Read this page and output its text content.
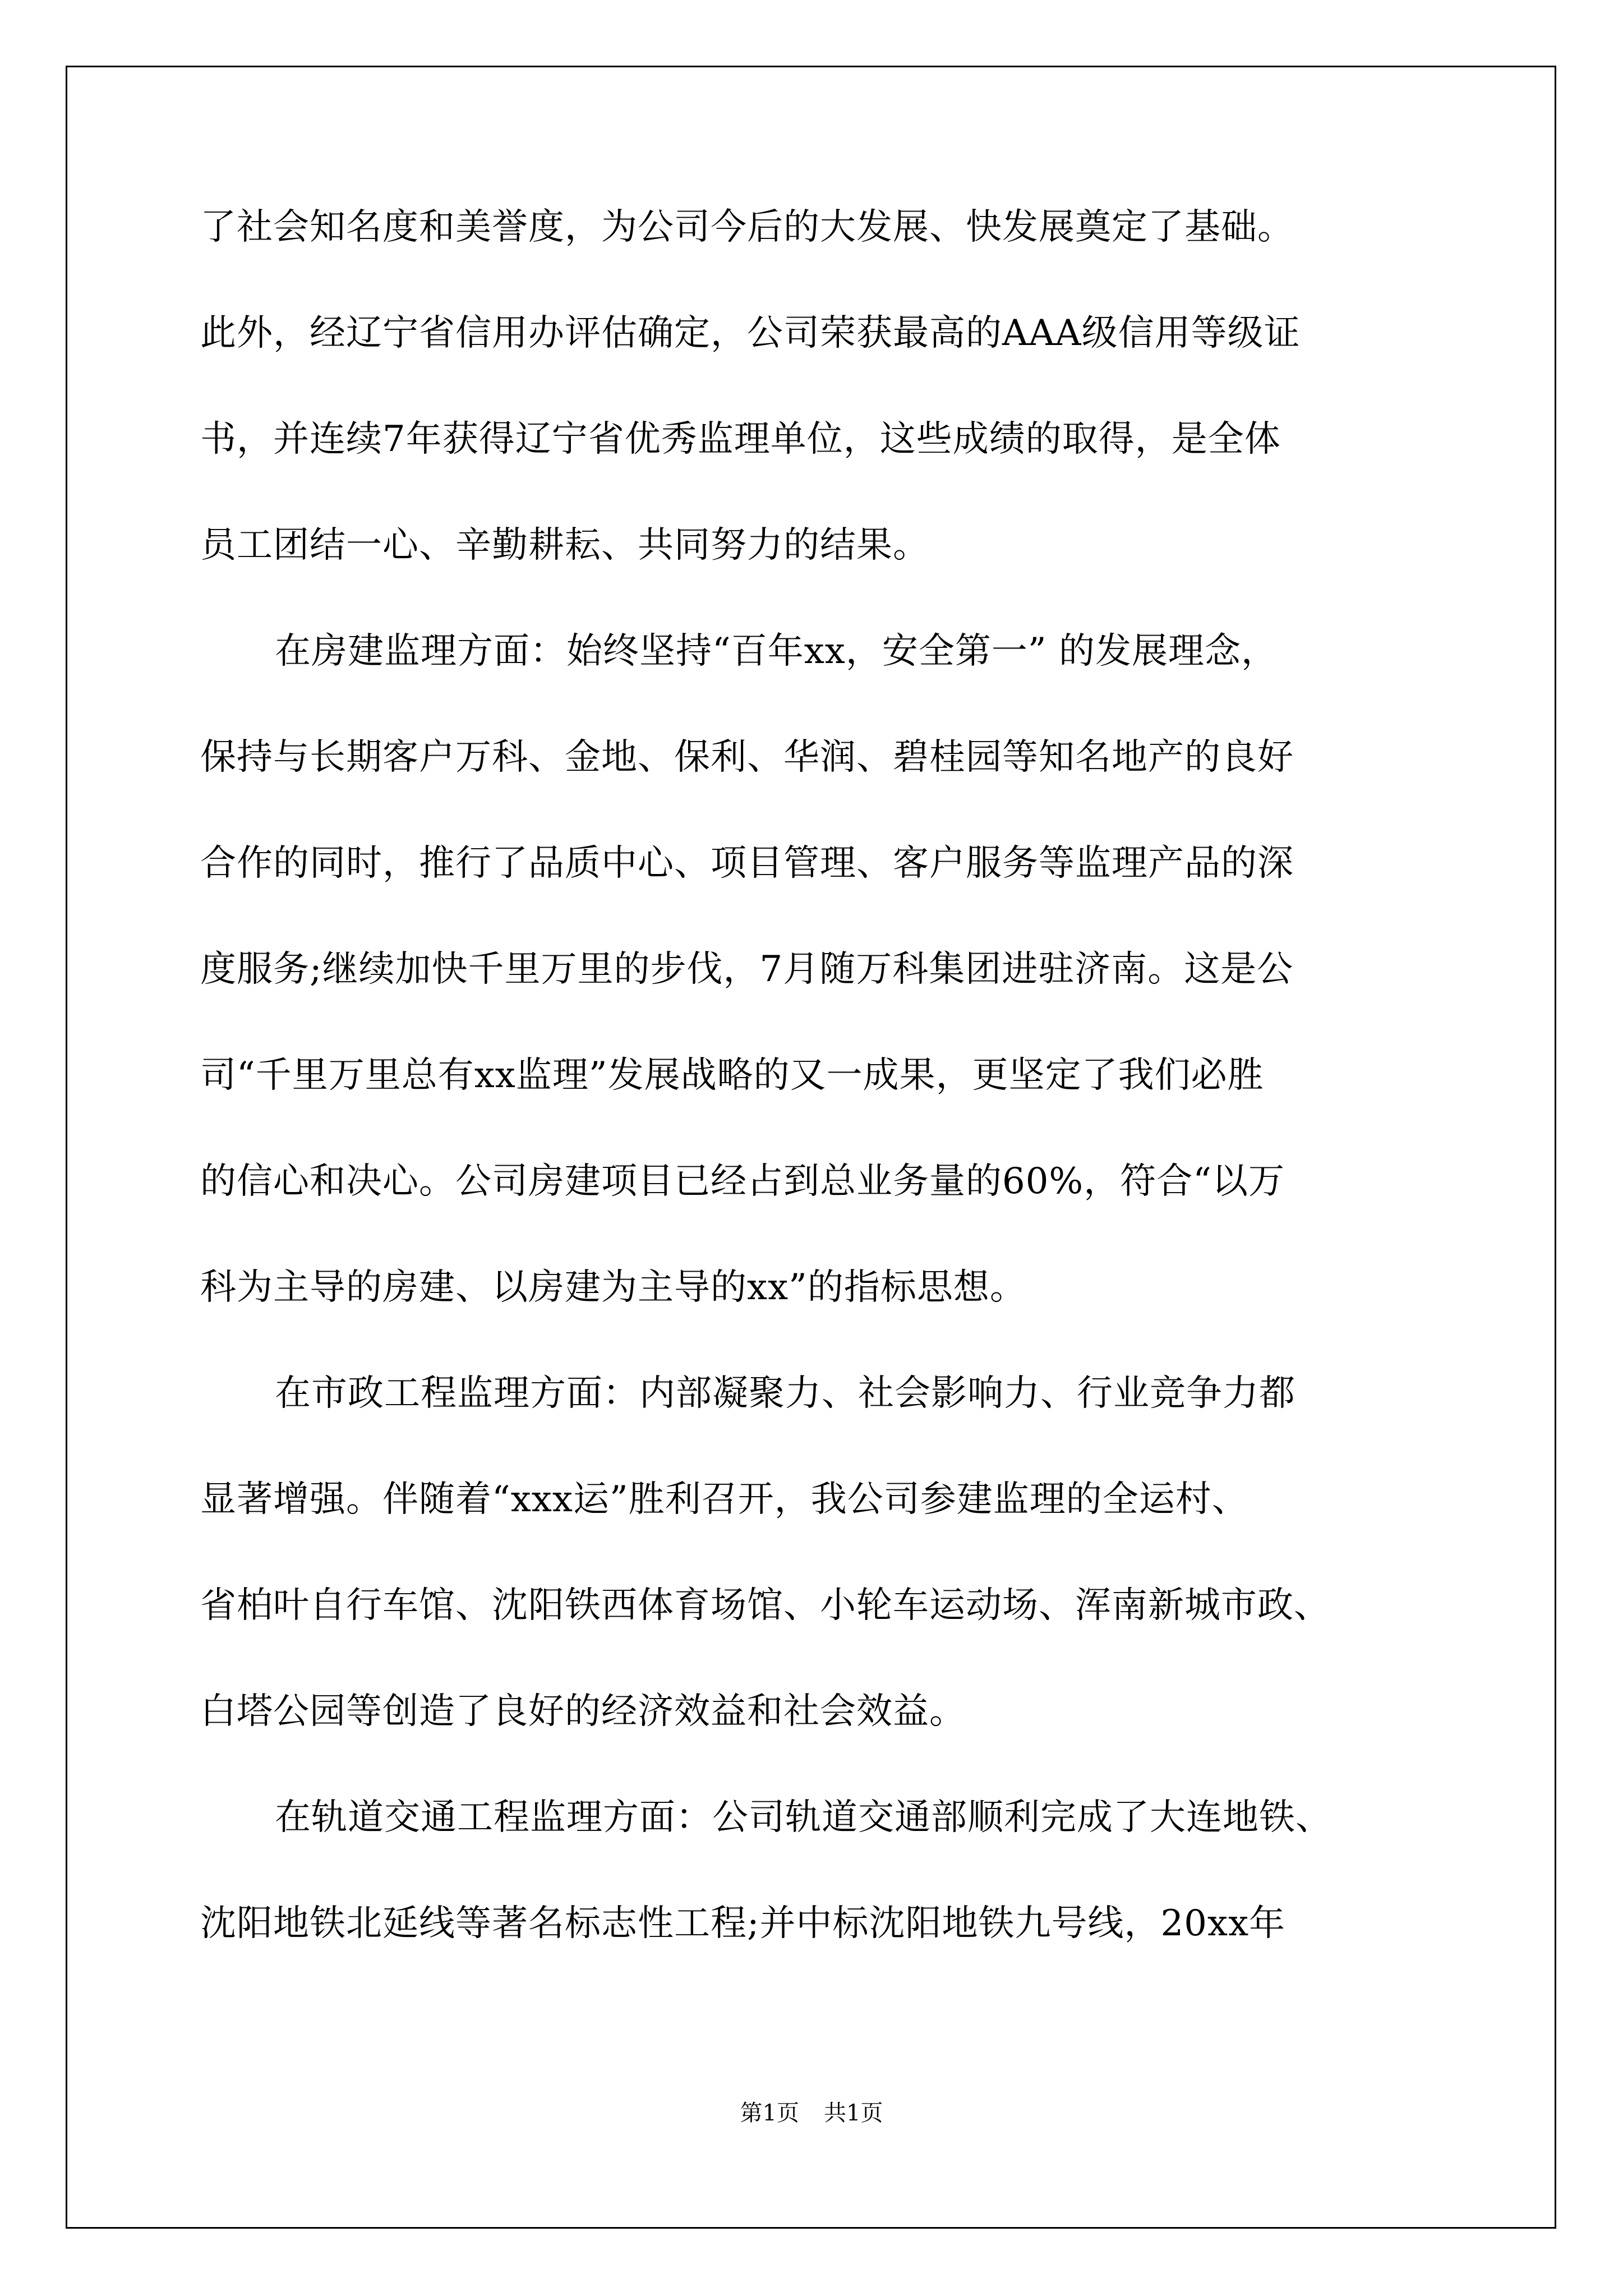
了社会知名度和美誉度，为公司今后的大发展、快发展奠定了基础。
此外，经辽宁省信用办评估确定，公司荣获最高的AAA级信用等级证
书，并连续7年获得辽宁省优秀监理单位，这些成绩的取得，是全体
员工团结一心、辛勤耕耘、共同努力的结果。
在房建监理方面：始终坚持“百年xx，安全第一” 的发展理念，
保持与长期客户万科、金地、保利、华润、碧桂园等知名地产的良好
合作的同时，推行了品质中心、项目管理、客户服务等监理产品的深
度服务;继续加快千里万里的步伐，7月随万科集团进驻济南。这是公
司“千里万里总有xx监理”发展战略的又一成果，更坚定了我们必胜
的信心和决心。公司房建项目已经占到总业务量的60%，符合“以万
科为主导的房建、以房建为主导的xx”的指标思想。
在市政工程监理方面：内部凝聚力、社会影响力、行业竞争力都
显著增强。伴随着“xxx运”胜利召开，我公司参建监理的全运村、
省柏叶自行车馆、沈阳铁西体育场馆、小轮车运动场、浑南新城市政、
白塔公园等创造了良好的经济效益和社会效益。
在轨道交通工程监理方面：公司轨道交通部顺利完成了大连地铁、
沈阳地铁北延线等著名标志性工程;并中标沈阳地铁九号线，20xx年
第1页 共1页
